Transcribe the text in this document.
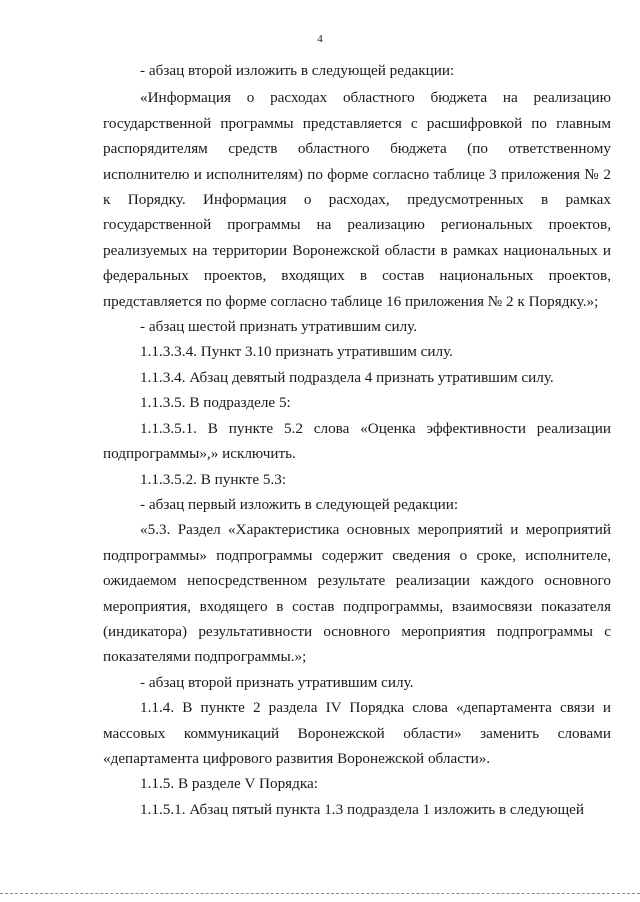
4

- абзац второй изложить в следующей редакции:

«Информация о расходах областного бюджета на реализацию государственной программы представляется с расшифровкой по главным распорядителям средств областного бюджета (по ответственному исполнителю и исполнителям) по форме согласно таблице 3 приложения № 2 к Порядку. Информация о расходах, предусмотренных в рамках государственной программы на реализацию региональных проектов, реализуемых на территории Воронежской области в рамках национальных и федеральных проектов, входящих в состав национальных проектов, представляется по форме согласно таблице 16 приложения № 2 к Порядку.»;

- абзац шестой признать утратившим силу.

1.1.3.3.4. Пункт 3.10 признать утратившим силу.

1.1.3.4. Абзац девятый подраздела 4 признать утратившим силу.

1.1.3.5. В подразделе 5:

1.1.3.5.1. В пункте 5.2 слова «Оценка эффективности реализации подпрограммы»,» исключить.

1.1.3.5.2. В пункте 5.3:

- абзац первый изложить в следующей редакции:

«5.3. Раздел «Характеристика основных мероприятий и мероприятий подпрограммы» подпрограммы содержит сведения о сроке, исполнителе, ожидаемом непосредственном результате реализации каждого основного мероприятия, входящего в состав подпрограммы, взаимосвязи показателя (индикатора) результативности основного мероприятия подпрограммы с показателями подпрограммы.»;

- абзац второй признать утратившим силу.

1.1.4. В пункте 2 раздела IV Порядка слова «департамента связи и массовых коммуникаций Воронежской области» заменить словами «департамента цифрового развития Воронежской области».

1.1.5. В разделе V Порядка:

1.1.5.1. Абзац пятый пункта 1.3 подраздела 1 изложить в следующей
